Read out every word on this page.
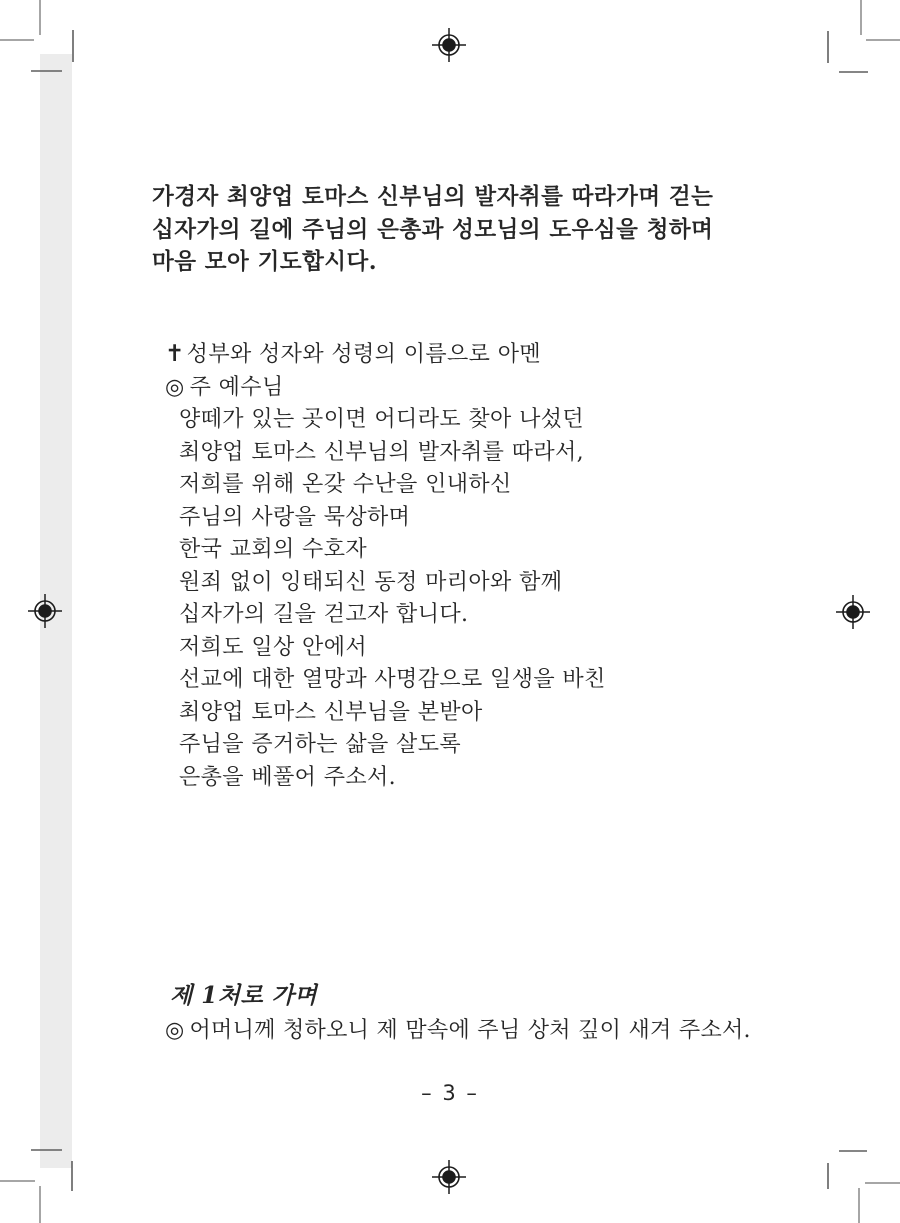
가경자 최양업 토마스 신부님의 발자취를 따라가며 걷는
십자가의 길에 주님의 은총과 성모님의 도우심을 청하며
마음 모아 기도합시다.
✝성부와 성자와 성령의 이름으로 아멘
◎ 주 예수님
양떼가 있는 곳이면 어디라도 찾아 나섰던
최양업 토마스 신부님의 발자취를 따라서,
저희를 위해 온갖 수난을 인내하신
주님의 사랑을 묵상하며
한국 교회의 수호자
원죄 없이 잉태되신 동정 마리아와 함께
십자가의 길을 걷고자 합니다.
저희도 일상 안에서
선교에 대한 열망과 사명감으로 일생을 바친
최양업 토마스 신부님을 본받아
주님을 증거하는 삶을 살도록
은총을 베풀어 주소서.
제 1처로 가며
◎ 어머니께 청하오니 제 맘속에 주님 상처 깊이 새겨 주소서.
– 3 –
